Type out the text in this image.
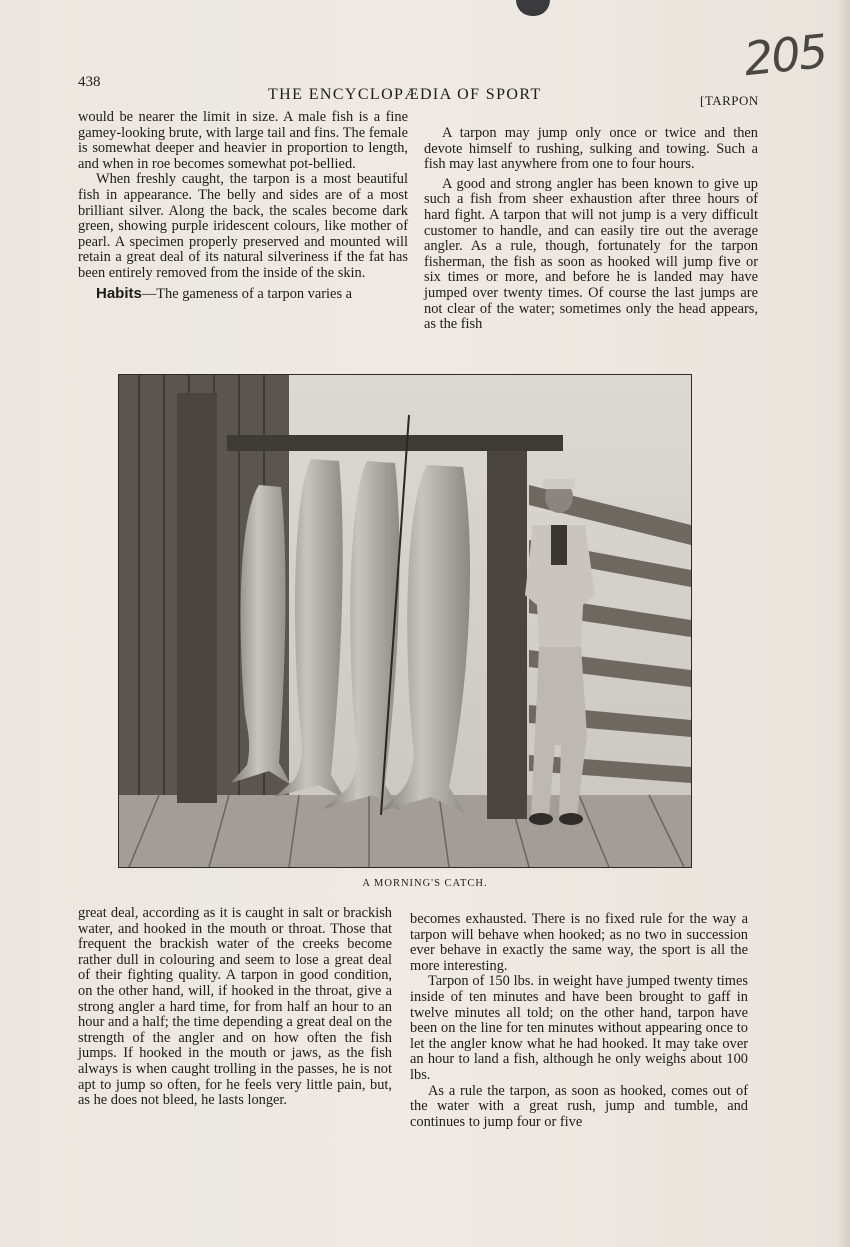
438
THE ENCYCLOPÆDIA OF SPORT	[TARPON
205

would be nearer the limit in size. A male fish is a fine gamey-looking brute, with large tail and fins. The female is somewhat deeper and heavier in proportion to length, and when in roe becomes somewhat pot-bellied.

When freshly caught, the tarpon is a most beautiful fish in appearance. The belly and sides are of a most brilliant silver. Along the back, the scales become dark green, showing purple iridescent colours, like mother of pearl. A specimen properly preserved and mounted will retain a great deal of its natural silveriness if the fat has been entirely removed from the inside of the skin.

Habits—The gameness of a tarpon varies a

A tarpon may jump only once or twice and then devote himself to rushing, sulking and towing. Such a fish may last anywhere from one to four hours.

A good and strong angler has been known to give up such a fish from sheer exhaustion after three hours of hard fight. A tarpon that will not jump is a very difficult customer to handle, and can easily tire out the average angler. As a rule, though, fortunately for the tarpon fisherman, the fish as soon as hooked will jump five or six times or more, and before he is landed may have jumped over twenty times. Of course the last jumps are not clear of the water; sometimes only the head appears, as the fish

A MORNING'S CATCH.

great deal, according as it is caught in salt or brackish water, and hooked in the mouth or throat. Those that frequent the brackish water of the creeks become rather dull in colouring and seem to lose a great deal of their fighting quality. A tarpon in good condition, on the other hand, will, if hooked in the throat, give a strong angler a hard time, for from half an hour to an hour and a half; the time depending a great deal on the strength of the angler and on how often the fish jumps. If hooked in the mouth or jaws, as the fish always is when caught trolling in the passes, he is not apt to jump so often, for he feels very little pain, but, as he does not bleed, he lasts longer.

becomes exhausted. There is no fixed rule for the way a tarpon will behave when hooked; as no two in succession ever behave in exactly the same way, the sport is all the more interesting.

Tarpon of 150 lbs. in weight have jumped twenty times inside of ten minutes and have been brought to gaff in twelve minutes all told; on the other hand, tarpon have been on the line for ten minutes without appearing once to let the angler know what he had hooked. It may take over an hour to land a fish, although he only weighs about 100 lbs.

As a rule the tarpon, as soon as hooked, comes out of the water with a great rush, jump and tumble, and continues to jump four or five
